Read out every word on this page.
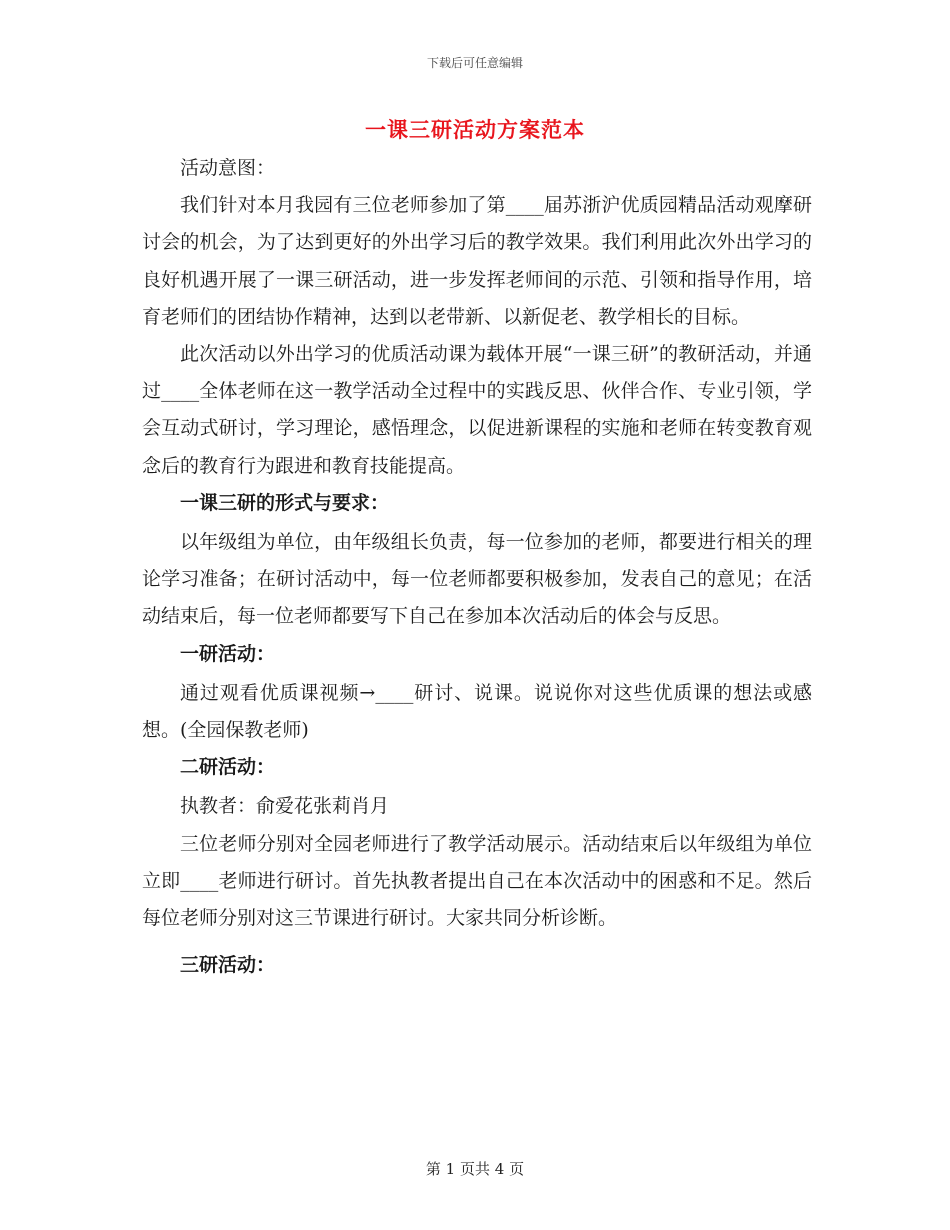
下载后可任意编辑
一课三研活动方案范本

活动意图：

我们针对本月我园有三位老师参加了第____届苏浙沪优质园精品活动观摩研讨会的机会，为了达到更好的外出学习后的教学效果。我们利用此次外出学习的良好机遇开展了一课三研活动，进一步发挥老师间的示范、引领和指导作用，培育老师们的团结协作精神，达到以老带新、以新促老、教学相长的目标。

此次活动以外出学习的优质活动课为载体开展“一课三研”的教研活动，并通过____全体老师在这一教学活动全过程中的实践反思、伙伴合作、专业引领，学会互动式研讨，学习理论，感悟理念，以促进新课程的实施和老师在转变教育观念后的教育行为跟进和教育技能提高。

一课三研的形式与要求：

以年级组为单位，由年级组长负责，每一位参加的老师，都要进行相关的理论学习准备；在研讨活动中，每一位老师都要积极参加，发表自己的意见；在活动结束后，每一位老师都要写下自己在参加本次活动后的体会与反思。

一研活动：

通过观看优质课视频→____研讨、说课。说说你对这些优质课的想法或感想。(全园保教老师)

二研活动：

执教者：俞爱花张莉肖月

三位老师分别对全园老师进行了教学活动展示。活动结束后以年级组为单位立即____老师进行研讨。首先执教者提出自己在本次活动中的困惑和不足。然后每位老师分别对这三节课进行研讨。大家共同分析诊断。

三研活动：

第 1 页共 4 页
